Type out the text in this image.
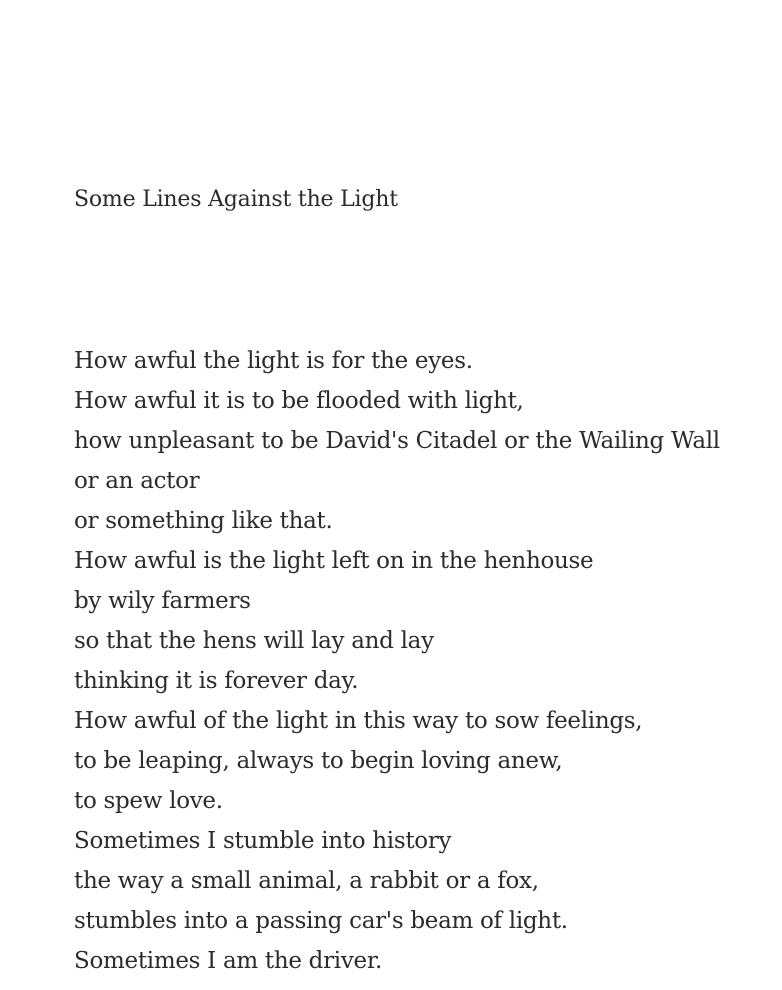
Some Lines Against the Light
How awful the light is for the eyes.
How awful it is to be flooded with light,
how unpleasant to be David's Citadel or the Wailing Wall
or an actor
or something like that.
How awful is the light left on in the henhouse
by wily farmers
so that the hens will lay and lay
thinking it is forever day.
How awful of the light in this way to sow feelings,
to be leaping, always to begin loving anew,
to spew love.
Sometimes I stumble into history
the way a small animal, a rabbit or a fox,
stumbles into a passing car's beam of light.
Sometimes I am the driver.
